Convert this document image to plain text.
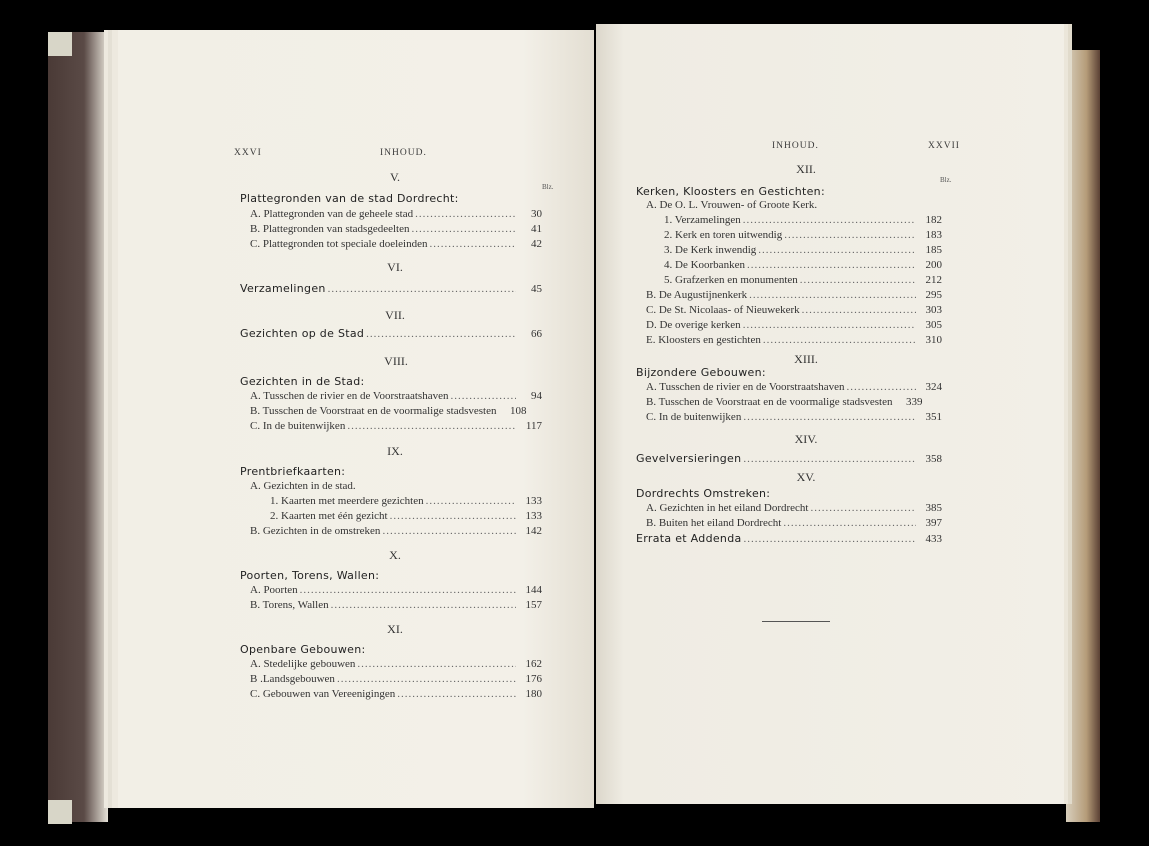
XXVI	INHOUD.
V.
Blz.
Plattegronden van de stad Dordrecht:
A. Plattegronden van de geheele stad .....	30
B. Plattegronden van stadsgedeelten .....	41
C. Plattegronden tot speciale doeleinden .....	42
VI.
Verzamelingen .....	45
VII.
Gezichten op de Stad .....	66
VIII.
Gezichten in de Stad:
A. Tusschen de rivier en de Voorstraatshaven .....	94
B. Tusschen de Voorstraat en de voormalige stadsvesten	108
C. In de buitenwijken .....	117
IX.
Prentbriefkaarten:
A. Gezichten in de stad.
1. Kaarten met meerdere gezichten .....	133
2. Kaarten met één gezicht .....	133
B. Gezichten in de omstreken .....	142
X.
Poorten, Torens, Wallen:
A. Poorten .....	144
B. Torens, Wallen .....	157
XI.
Openbare Gebouwen:
A. Stedelijke gebouwen .....	162
B .Landsgebouwen .....	176
C. Gebouwen van Vereenigingen .....	180
INHOUD.	XXVII
XII.
Blz.
Kerken, Kloosters en Gestichten:
A. De O. L. Vrouwen- of Groote Kerk.
1. Verzamelingen .....	182
2. Kerk en toren uitwendig .....	183
3. De Kerk inwendig .....	185
4. De Koorbanken .....	200
5. Grafzerken en monumenten .....	212
B. De Augustijnenkerk .....	295
C. De St. Nicolaas- of Nieuwekerk .....	303
D. De overige kerken .....	305
E. Kloosters en gestichten .....	310
XIII.
Bijzondere Gebouwen:
A. Tusschen de rivier en de Voorstraatshaven .....	324
B. Tusschen de Voorstraat en de voormalige stadsvesten	339
C. In de buitenwijken .....	351
XIV.
Gevelversieringen .....	358
XV.
Dordrechts Omstreken:
A. Gezichten in het eiland Dordrecht .....	385
B. Buiten het eiland Dordrecht .....	397
Errata et Addenda .....	433
